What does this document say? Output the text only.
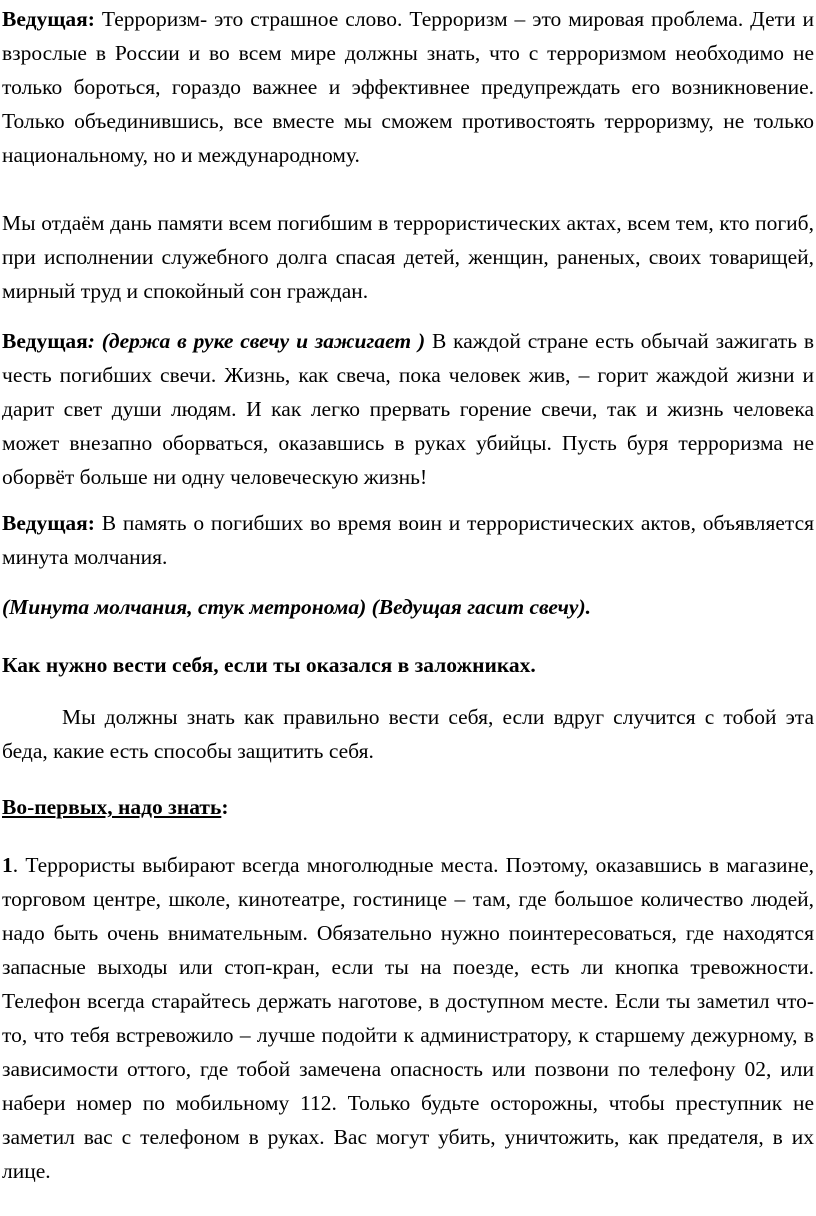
Ведущая: Терроризм- это страшное слово. Терроризм – это мировая проблема. Дети и взрослые в России и во всем мире должны знать, что с терроризмом необходимо не только бороться, гораздо важнее и эффективнее предупреждать его возникновение. Только объединившись, все вместе мы сможем противостоять терроризму, не только национальному, но и международному.

Мы отдаём дань памяти всем погибшим в террористических актах, всем тем, кто погиб, при исполнении служебного долга спасая детей, женщин, раненых, своих товарищей, мирный труд и спокойный сон граждан.

Ведущая: (держа в руке свечу и зажигает ) В каждой стране есть обычай зажигать в честь погибших свечи. Жизнь, как свеча, пока человек жив, – горит жаждой жизни и дарит свет души людям. И как легко прервать горение свечи, так и жизнь человека может внезапно оборваться, оказавшись в руках убийцы. Пусть буря терроризма не оборвёт больше ни одну человеческую жизнь!

Ведущая: В память о погибших во время воин и террористических актов, объявляется минута молчания.

(Минута молчания, стук метронома) (Ведущая гасит свечу).

Как нужно вести себя, если ты оказался в заложниках.

Мы должны знать как правильно вести себя, если вдруг случится с тобой эта беда, какие есть способы защитить себя.

Во-первых, надо знать:

1. Террористы выбирают всегда многолюдные места. Поэтому, оказавшись в магазине, торговом центре, школе, кинотеатре, гостинице – там, где большое количество людей, надо быть очень внимательным. Обязательно нужно поинтересоваться, где находятся запасные выходы или стоп-кран, если ты на поезде, есть ли кнопка тревожности. Телефон всегда старайтесь держать наготове, в доступном месте. Если ты заметил что-то, что тебя встревожило – лучше подойти к администратору, к старшему дежурному, в зависимости оттого, где тобой замечена опасность или позвони по телефону 02, или набери номер по мобильному 112. Только будьте осторожны, чтобы преступник не заметил вас с телефоном в руках. Вас могут убить, уничтожить, как предателя, в их лице.
